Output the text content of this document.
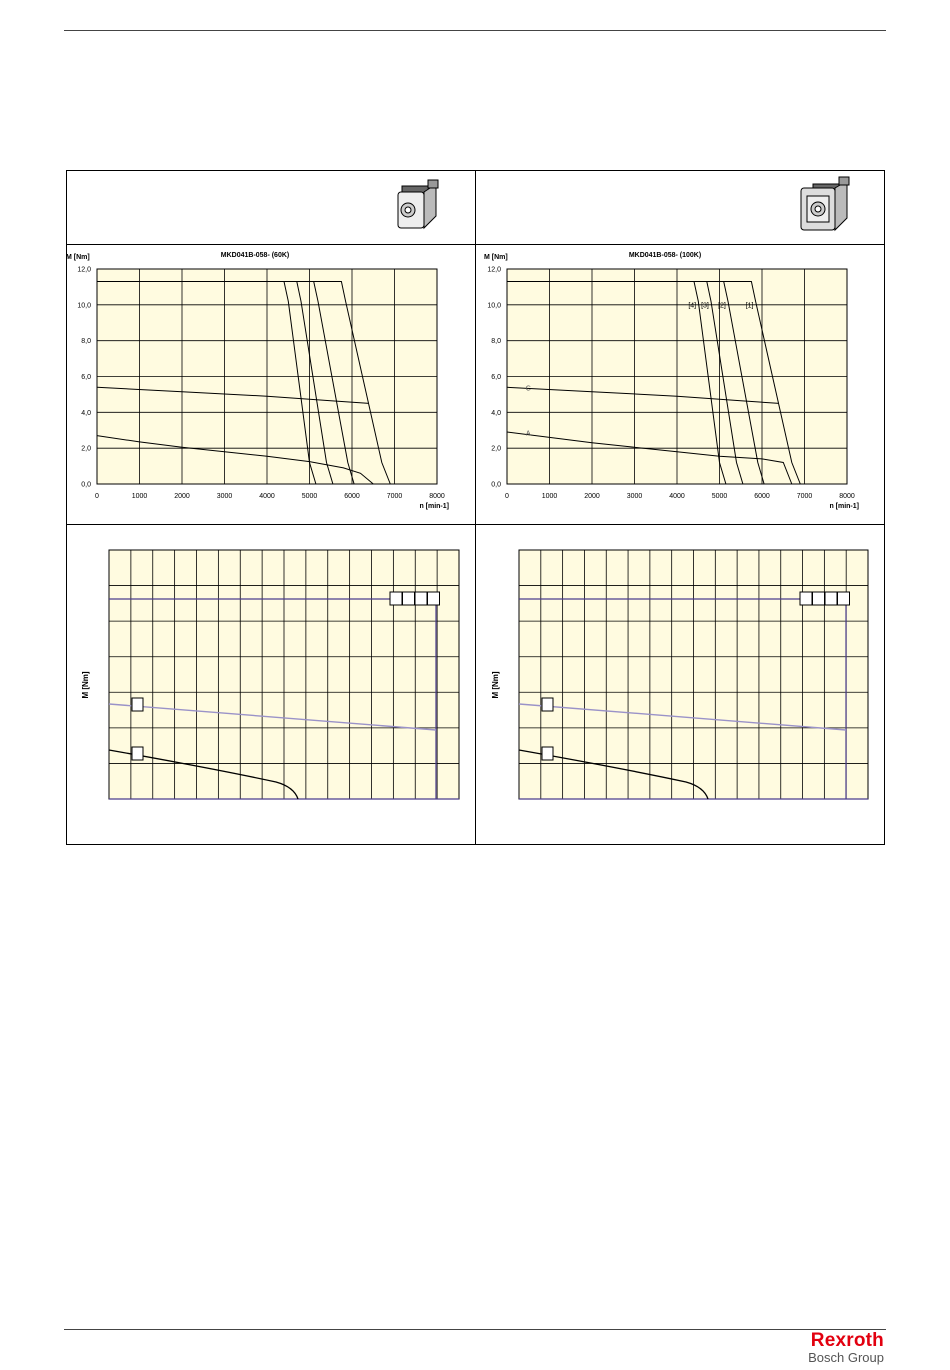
0,0
2,0
4,0
6,0
8,0
10,0
12,0
0	1000	2000	3000	4000	5000	6000	7000	8000
M [Nm]	MKD041B-058- (60K)
n [min-1]
0,0
2,0
4,0
6,0
8,0
10,0
12,0
0	1000	2000	3000	4000	5000	6000	7000	8000
[4] [3] [2]	[1]
C
A
M [Nm]	MKD041B-058- (100K)
n [min-1]
M [Nm]	M [Nm]
Rexroth
Bosch Group
